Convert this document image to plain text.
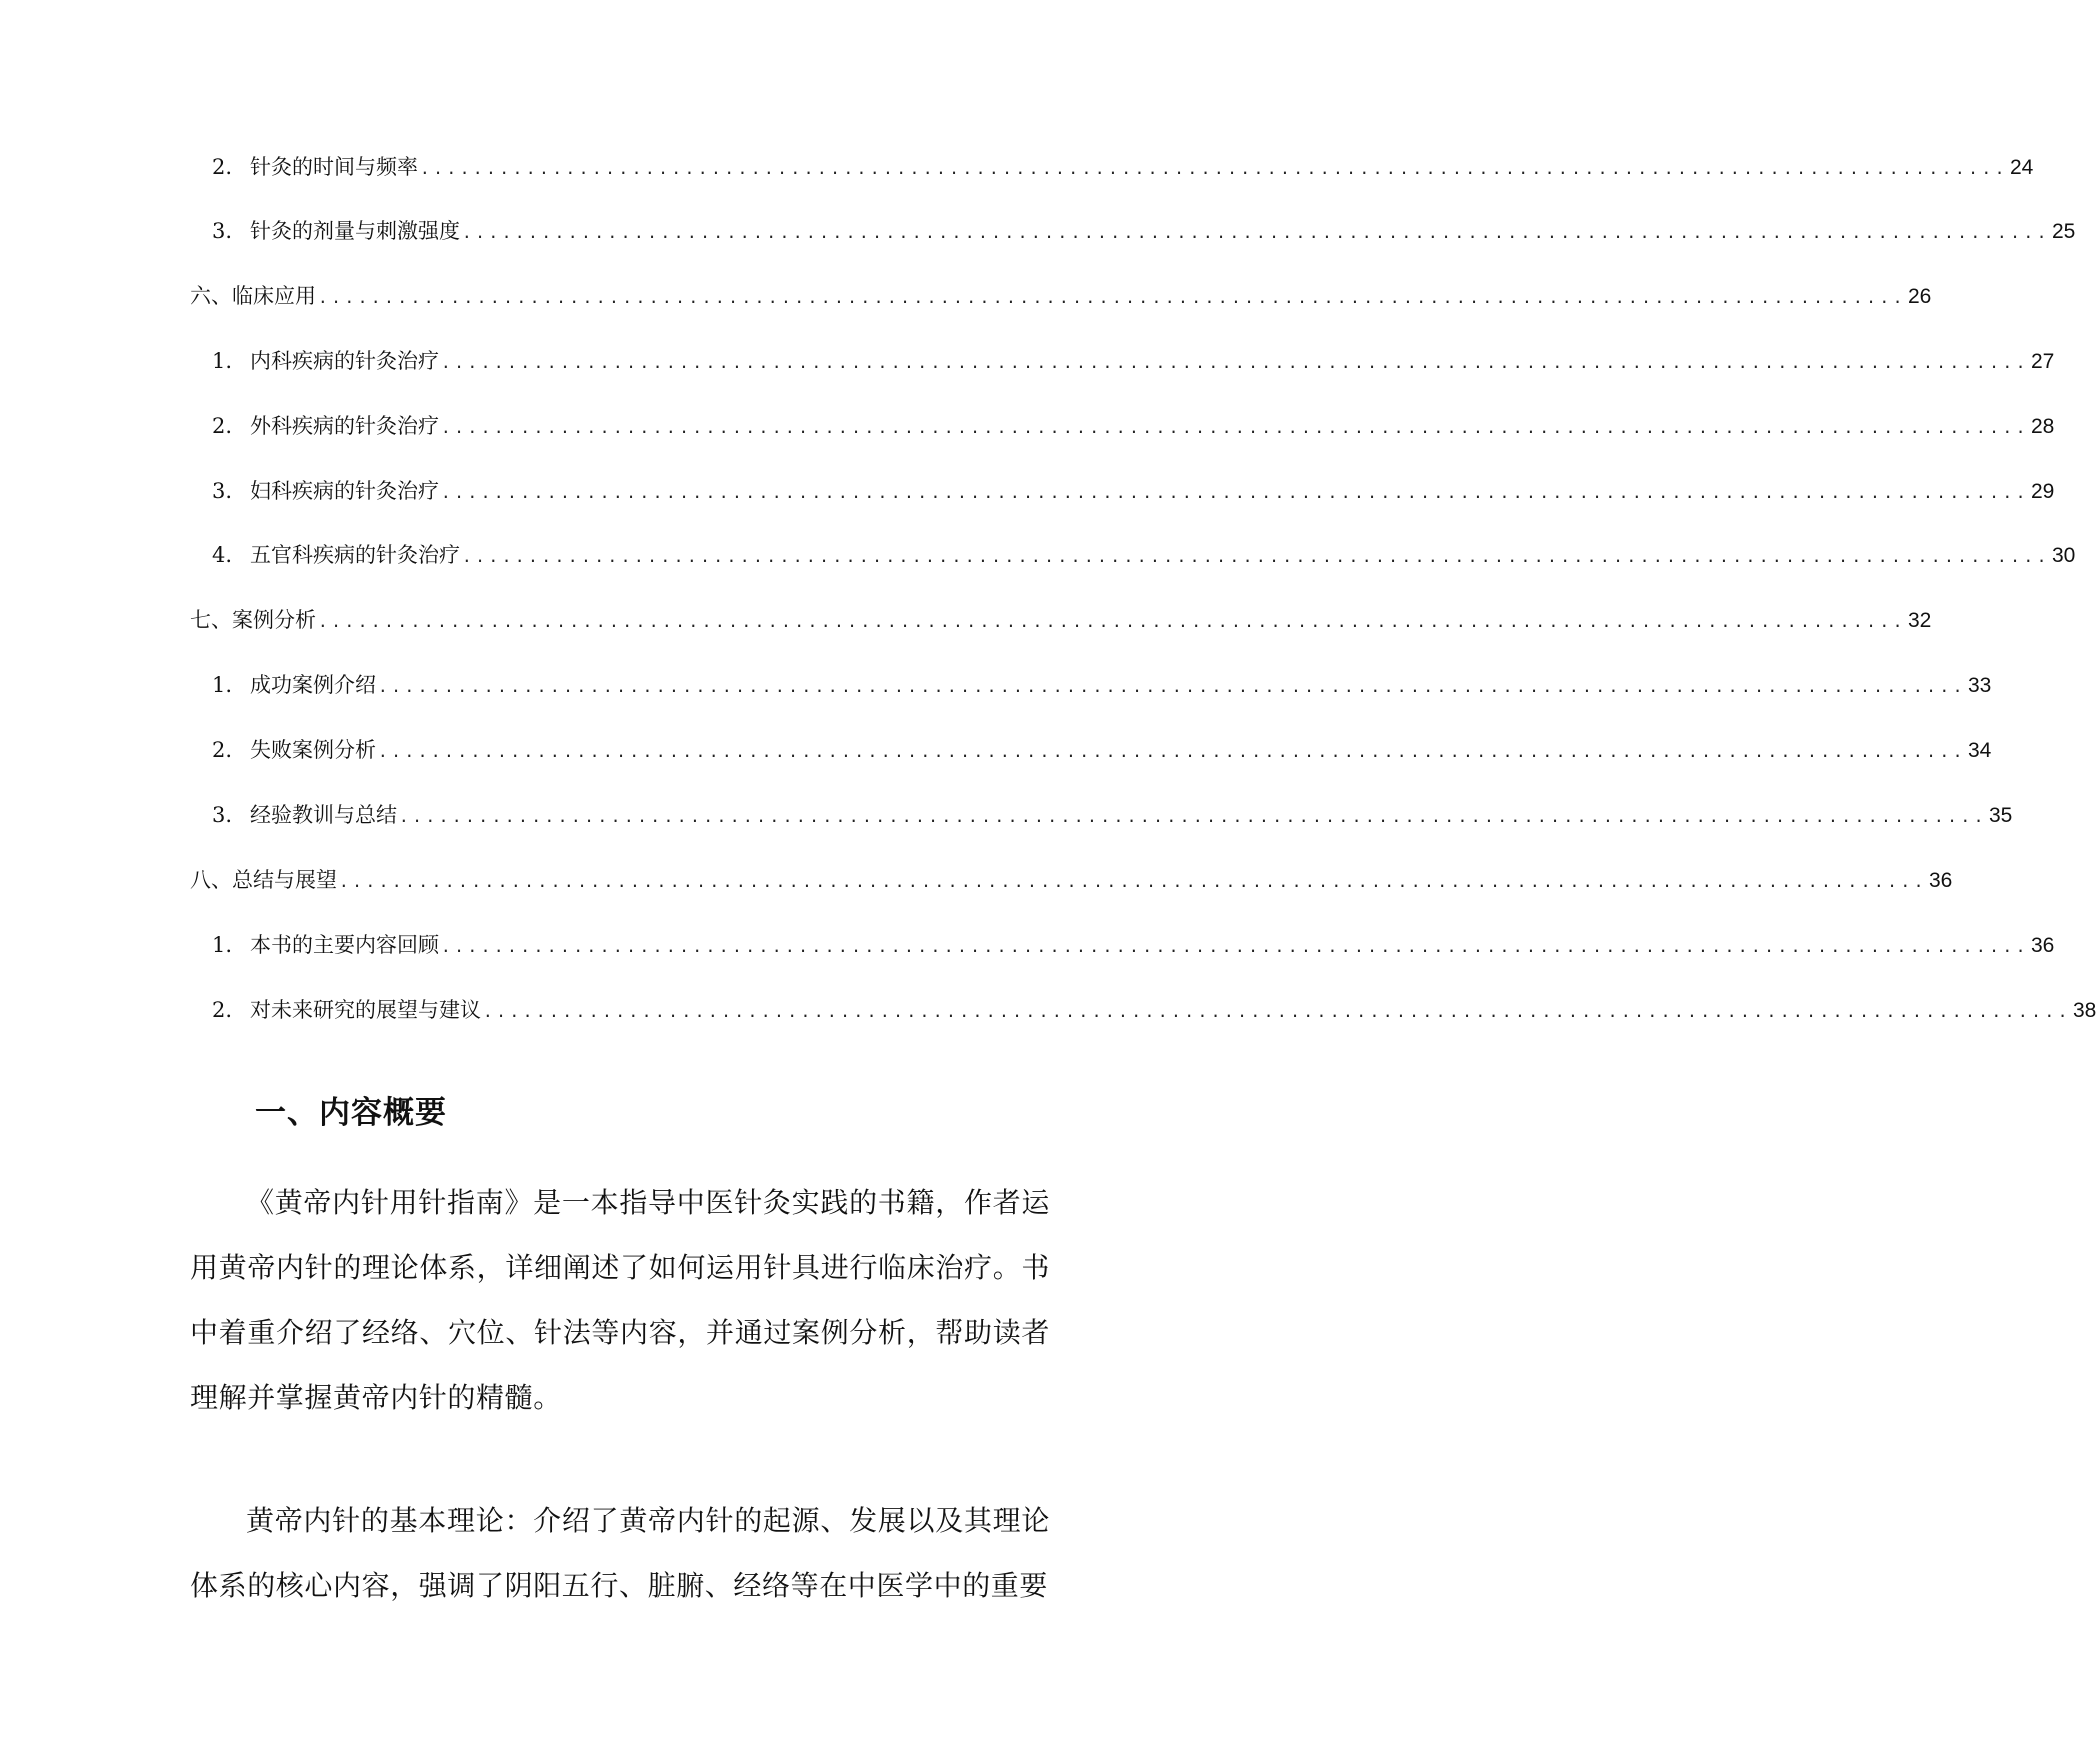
2. 针灸的时间与频率 ........................................................................................................................ 24
3. 针灸的剂量与刺激强度 ........................................................................................................................ 25
六、临床应用 ........................................................................................................................ 26
1. 内科疾病的针灸治疗 ........................................................................................................................ 27
2. 外科疾病的针灸治疗 ........................................................................................................................ 28
3. 妇科疾病的针灸治疗 ........................................................................................................................ 29
4. 五官科疾病的针灸治疗 ........................................................................................................................ 30
七、案例分析 ........................................................................................................................ 32
1. 成功案例介绍 ........................................................................................................................ 33
2. 失败案例分析 ........................................................................................................................ 34
3. 经验教训与总结 ........................................................................................................................ 35
八、总结与展望 ........................................................................................................................ 36
1. 本书的主要内容回顾 ........................................................................................................................ 36
2. 对未来研究的展望与建议 ........................................................................................................................ 38
一、内容概要

《黄帝内针用针指南》是一本指导中医针灸实践的书籍，作者运用黄帝内针的理论体系，详细阐述了如何运用针具进行临床治疗。书中着重介绍了经络、穴位、针法等内容，并通过案例分析，帮助读者理解并掌握黄帝内针的精髓。

黄帝内针的基本理论：介绍了黄帝内针的起源、发展以及其理论体系的核心内容，强调了阴阳五行、脏腑、经络等在中医学中的重要
